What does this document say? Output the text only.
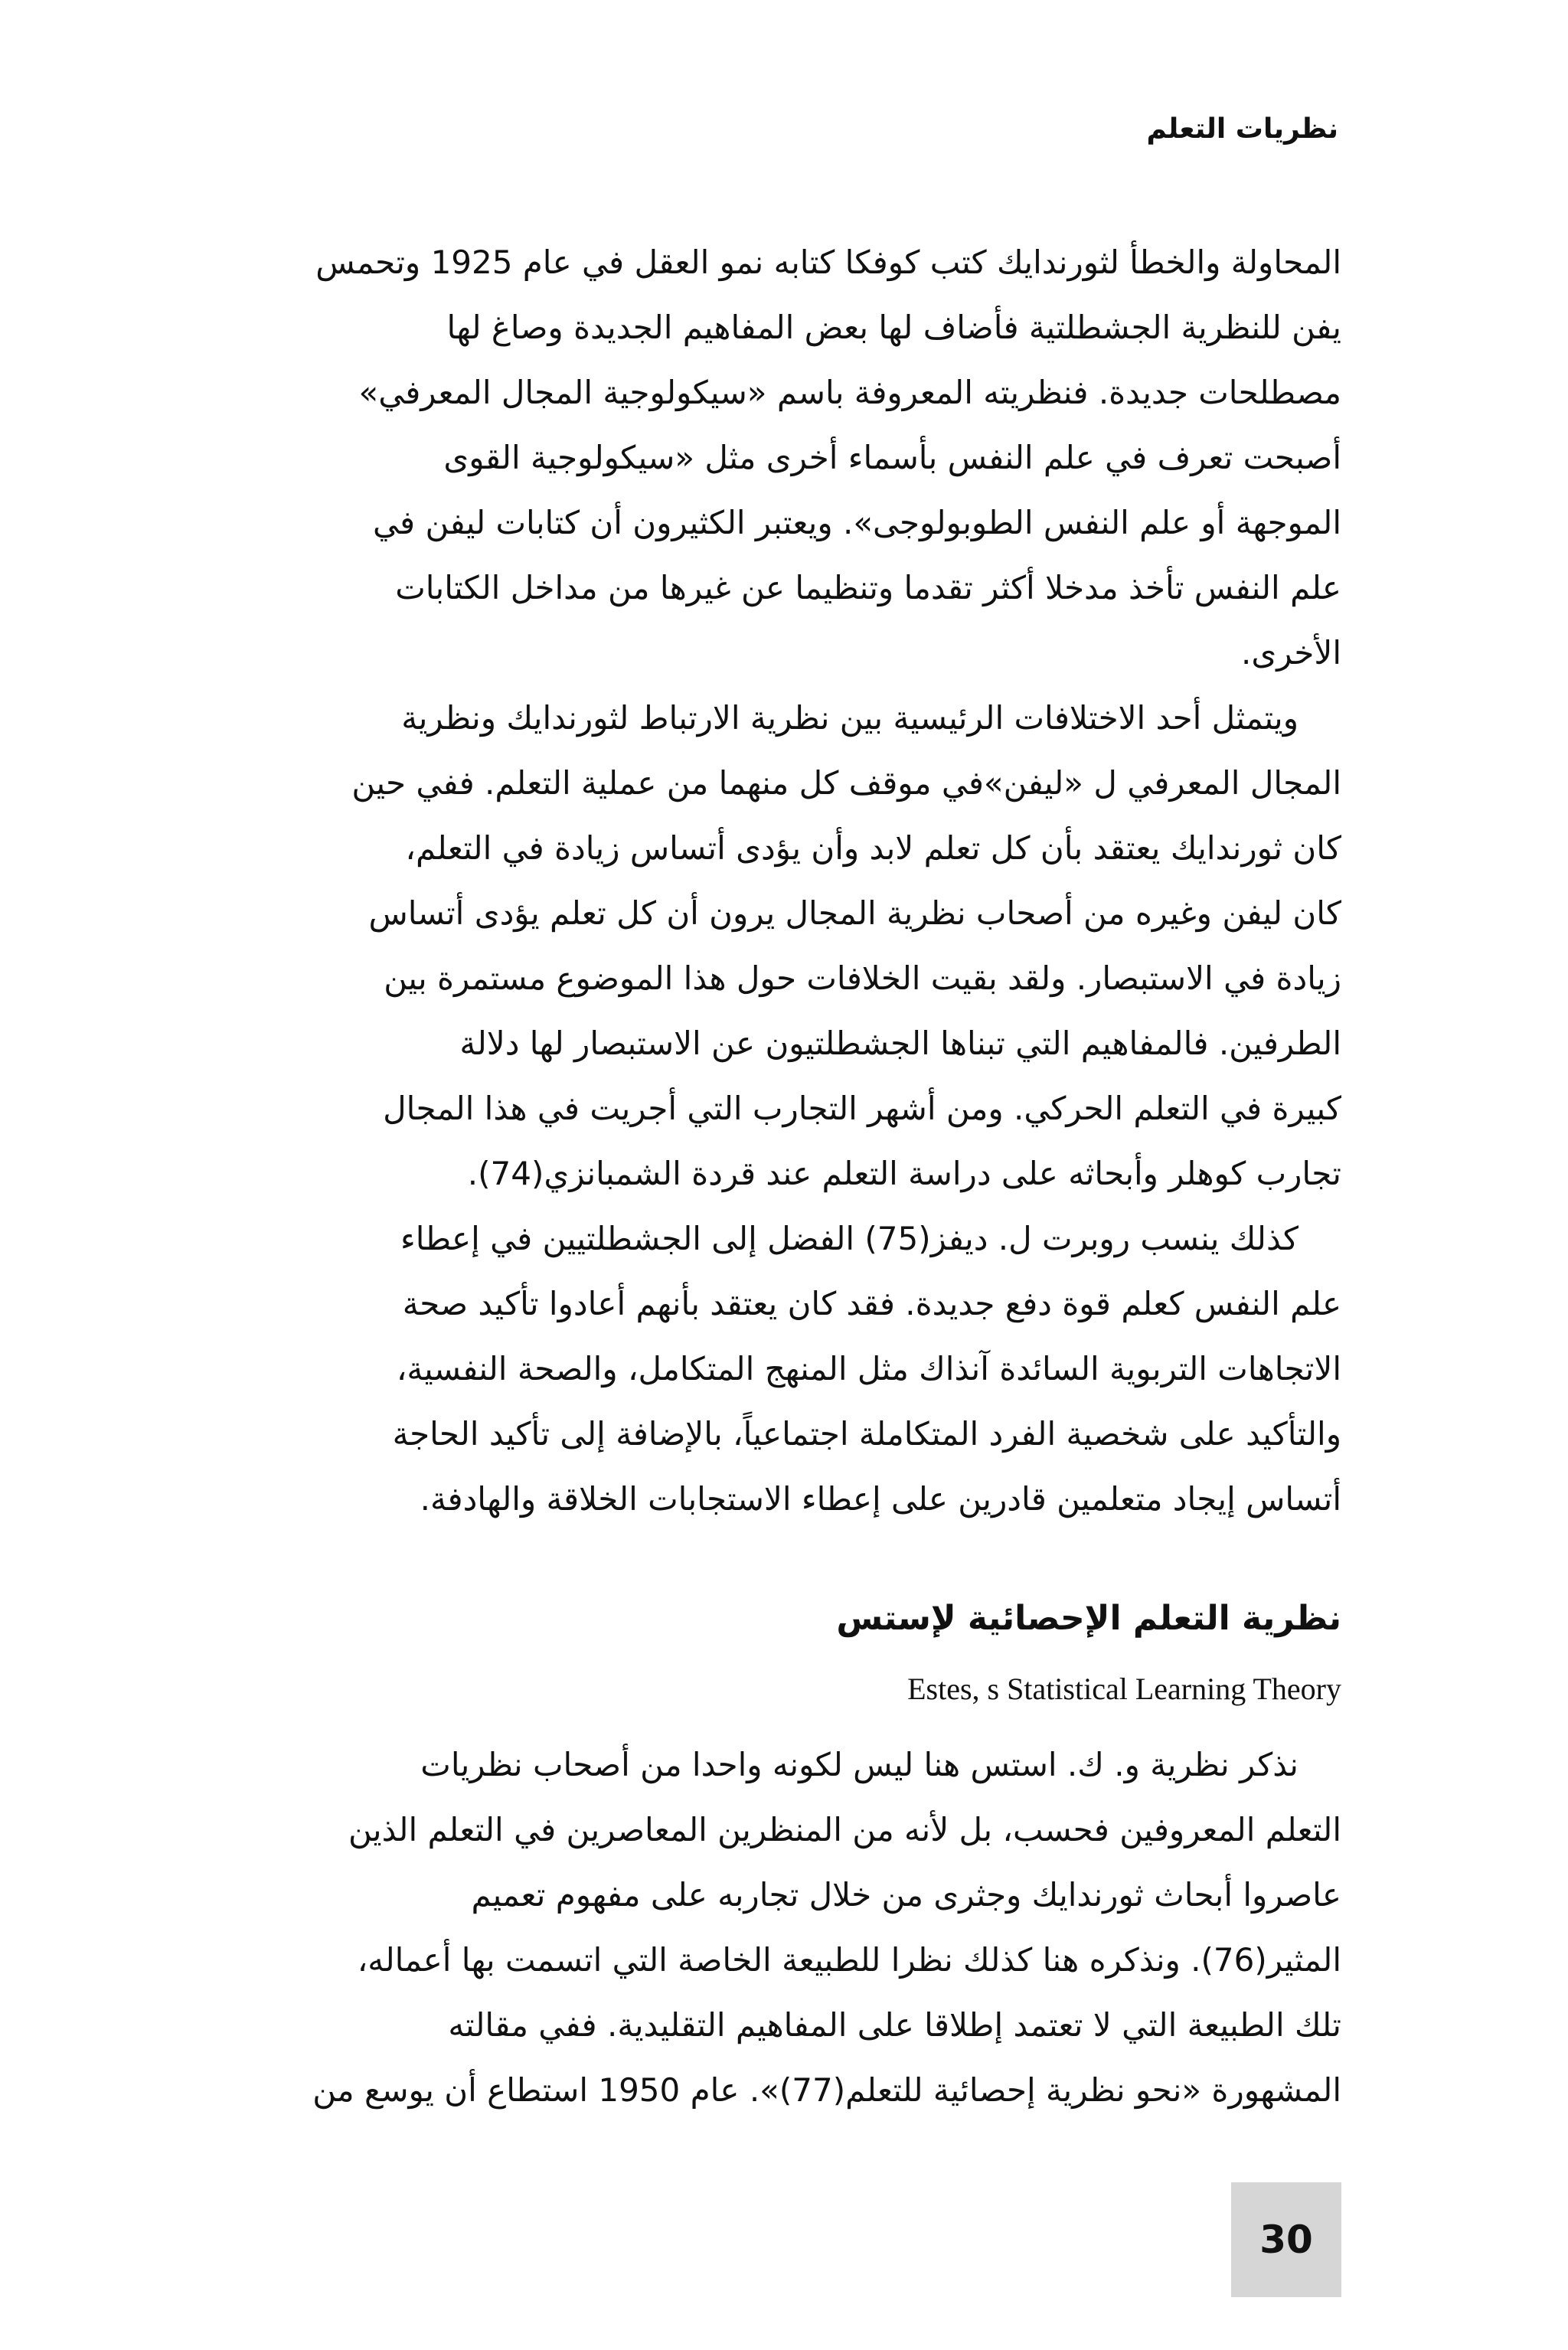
نظريات التعلم
المحاولة والخطأ لثورندايك كتب كوفكا كتابه نمو العقل في عام 1925 وتحمس
يفن للنظرية الجشطلتية فأضاف لها بعض المفاهيم الجديدة وصاغ لها
مصطلحات جديدة. فنظريته المعروفة باسم «سيكولوجية المجال المعرفي»
أصبحت تعرف في علم النفس بأسماء أخرى مثل «سيكولوجية القوى
الموجهة أو علم النفس الطوبولوجى». ويعتبر الكثيرون أن كتابات ليفن في
علم النفس تأخذ مدخلا أكثر تقدما وتنظيما عن غيرها من مداخل الكتابات
الأخرى.
ويتمثل أحد الاختلافات الرئيسية بين نظرية الارتباط لثورندايك ونظرية
المجال المعرفي ل «ليفن»في موقف كل منهما من عملية التعلم. ففي حين
كان ثورندايك يعتقد بأن كل تعلم لابد وأن يؤدى أتساس زيادة في التعلم،
كان ليفن وغيره من أصحاب نظرية المجال يرون أن كل تعلم يؤدى أتساس
زيادة في الاستبصار. ولقد بقيت الخلافات حول هذا الموضوع مستمرة بين
الطرفين. فالمفاهيم التي تبناها الجشطلتيون عن الاستبصار لها دلالة
كبيرة في التعلم الحركي. ومن أشهر التجارب التي أجريت في هذا المجال
تجارب كوهلر وأبحاثه على دراسة التعلم عند قردة الشمبانزي(74).
كذلك ينسب روبرت ل. ديفز(75) الفضل إلى الجشطلتيين في إعطاء
علم النفس كعلم قوة دفع جديدة. فقد كان يعتقد بأنهم أعادوا تأكيد صحة
الاتجاهات التربوية السائدة آنذاك مثل المنهج المتكامل، والصحة النفسية،
والتأكيد على شخصية الفرد المتكاملة اجتماعياً، بالإضافة إلى تأكيد الحاجة
أتساس إيجاد متعلمين قادرين على إعطاء الاستجابات الخلاقة والهادفة.
نظرية التعلم الإحصائية لإستس
Estes, s Statistical Learning Theory
نذكر نظرية و. ك. استس هنا ليس لكونه واحدا من أصحاب نظريات
التعلم المعروفين فحسب، بل لأنه من المنظرين المعاصرين في التعلم الذين
عاصروا أبحاث ثورندايك وجثرى من خلال تجاربه على مفهوم تعميم
المثير(76). ونذكره هنا كذلك نظرا للطبيعة الخاصة التي اتسمت بها أعماله،
تلك الطبيعة التي لا تعتمد إطلاقا على المفاهيم التقليدية. ففي مقالته
المشهورة «نحو نظرية إحصائية للتعلم(77)». عام 1950 استطاع أن يوسع من
30
